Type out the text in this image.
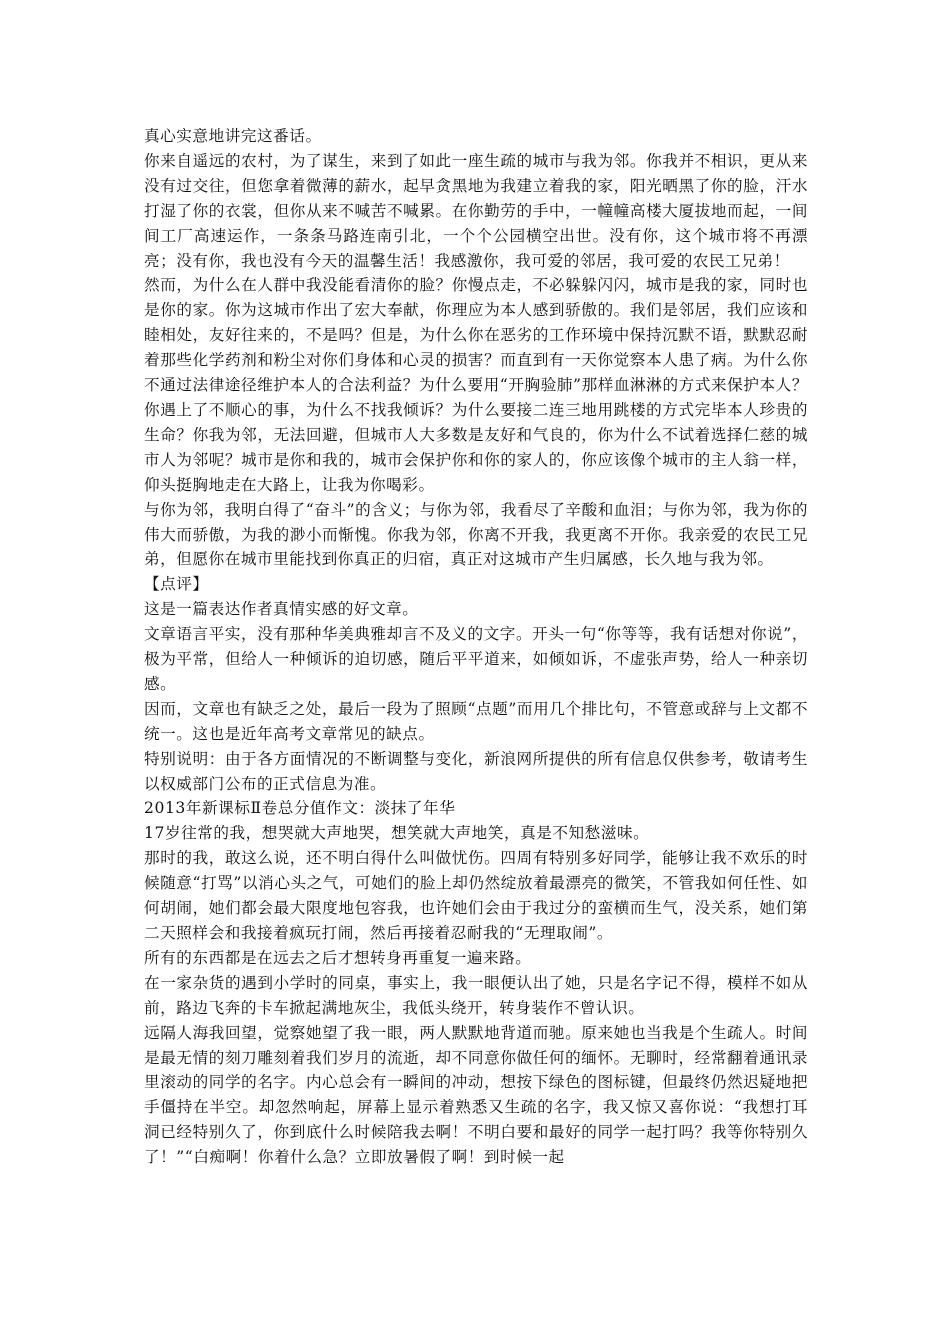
真心实意地讲完这番话。

你来自遥远的农村，为了谋生，来到了如此一座生疏的城市与我为邻。你我并不相识，更从来没有过交往，但您拿着微薄的薪水，起早贪黑地为我建立着我的家，阳光晒黑了你的脸，汗水打湿了你的衣裳，但你从来不喊苦不喊累。在你勤劳的手中，一幢幢高楼大厦拔地而起，一间间工厂高速运作，一条条马路连南引北，一个个公园横空出世。没有你，这个城市将不再漂亮；没有你，我也没有今天的温馨生活！我感激你，我可爱的邻居，我可爱的农民工兄弟！

然而，为什么在人群中我没能看清你的脸？你慢点走，不必躲躲闪闪，城市是我的家，同时也是你的家。你为这城市作出了宏大奉献，你理应为本人感到骄傲的。我们是邻居，我们应该和睦相处，友好往来的，不是吗？但是，为什么你在恶劣的工作环境中保持沉默不语，默默忍耐着那些化学药剂和粉尘对你们身体和心灵的损害？而直到有一天你觉察本人患了病。为什么你不通过法律途径维护本人的合法利益？为什么要用“开胸验肺”那样血淋淋的方式来保护本人？你遇上了不顺心的事，为什么不找我倾诉？为什么要接二连三地用跳楼的方式完毕本人珍贵的生命？你我为邻，无法回避，但城市人大多数是友好和气良的，你为什么不试着选择仁慈的城市人为邻呢？城市是你和我的，城市会保护你和你的家人的，你应该像个城市的主人翁一样，仰头挺胸地走在大路上，让我为你喝彩。

与你为邻，我明白得了“奋斗”的含义；与你为邻，我看尽了辛酸和血泪；与你为邻，我为你的伟大而骄傲，为我的渺小而惭愧。你我为邻，你离不开我，我更离不开你。我亲爱的农民工兄弟，但愿你在城市里能找到你真正的归宿，真正对这城市产生归属感，长久地与我为邻。

【点评】

这是一篇表达作者真情实感的好文章。

文章语言平实，没有那种华美典雅却言不及义的文字。开头一句“你等等，我有话想对你说”，极为平常，但给人一种倾诉的迫切感，随后平平道来，如倾如诉，不虚张声势，给人一种亲切感。

因而，文章也有缺乏之处，最后一段为了照顾“点题”而用几个排比句，不管意或辞与上文都不统一。这也是近年高考文章常见的缺点。

特别说明：由于各方面情况的不断调整与变化，新浪网所提供的所有信息仅供参考，敬请考生以权威部门公布的正式信息为准。

2013年新课标Ⅱ卷总分值作文：淡抹了年华

17岁往常的我，想哭就大声地哭，想笑就大声地笑，真是不知愁滋味。

那时的我，敢这么说，还不明白得什么叫做忧伤。四周有特别多好同学，能够让我不欢乐的时候随意“打骂”以消心头之气，可她们的脸上却仍然绽放着最漂亮的微笑，不管我如何任性、如何胡闹，她们都会最大限度地包容我，也许她们会由于我过分的蛮横而生气，没关系，她们第二天照样会和我接着疯玩打闹，然后再接着忍耐我的“无理取闹”。

所有的东西都是在远去之后才想转身再重复一遍来路。

在一家杂货的遇到小学时的同桌，事实上，我一眼便认出了她，只是名字记不得，模样不如从前，路边飞奔的卡车掀起满地灰尘，我低头绕开，转身装作不曾认识。

远隔人海我回望，觉察她望了我一眼，两人默默地背道而驰。原来她也当我是个生疏人。时间是最无情的刻刀雕刻着我们岁月的流逝，却不同意你做任何的缅怀。无聊时，经常翻着通讯录里滚动的同学的名字。内心总会有一瞬间的冲动，想按下绿色的图标键，但最终仍然迟疑地把手僵持在半空。却忽然响起，屏幕上显示着熟悉又生疏的名字，我又惊又喜你说：“我想打耳洞已经特别久了，你到底什么时候陪我去啊！不明白要和最好的同学一起打吗？我等你特别久了！”“白痴啊！你着什么急？立即放暑假了啊！到时候一起
